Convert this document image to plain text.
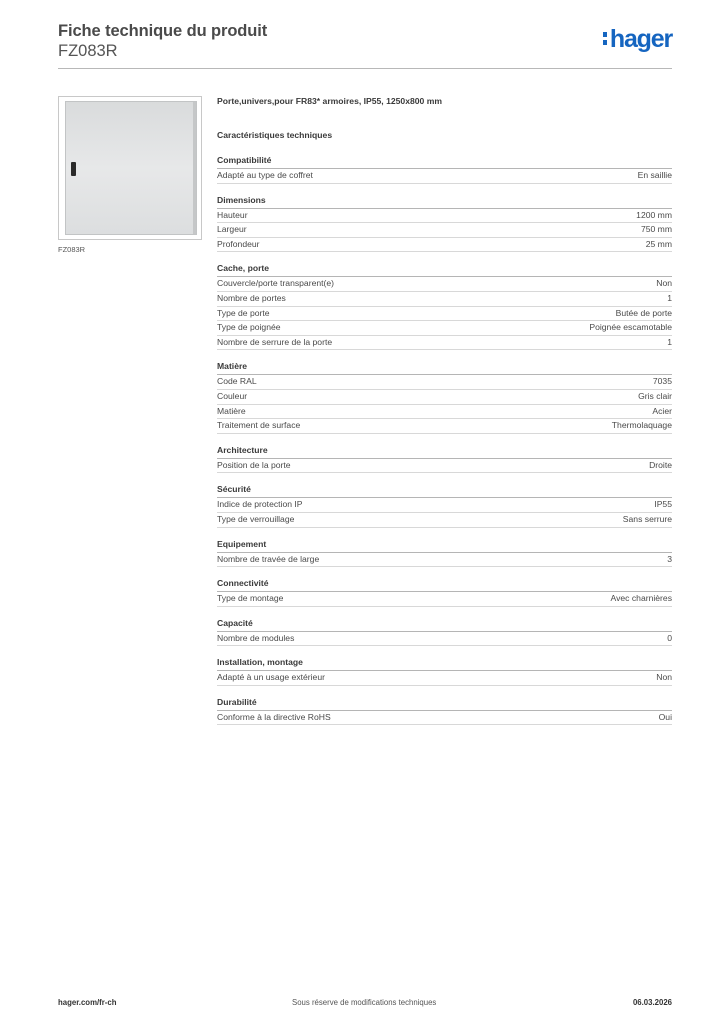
Fiche technique du produit
FZ083R	hager
FZ083R
Porte,univers,pour FR83* armoires, IP55, 1250x800 mm
Caractéristiques techniques
Compatibilité
Adapté au type de coffret	En saillie
Dimensions
Hauteur	1200 mm
Largeur	750 mm
Profondeur	25 mm
Cache, porte
Couvercle/porte transparent(e)	Non
Nombre de portes	1
Type de porte	Butée de porte
Type de poignée	Poignée escamotable
Nombre de serrure de la porte	1
Matière
Code RAL	7035
Couleur	Gris clair
Matière	Acier
Traitement de surface	Thermolaquage
Architecture
Position de la porte	Droite
Sécurité
Indice de protection IP	IP55
Type de verrouillage	Sans serrure
Equipement
Nombre de travée de large	3
Connectivité
Type de montage	Avec charnières
Capacité
Nombre de modules	0
Installation, montage
Adapté à un usage extérieur	Non
Durabilité
Conforme à la directive RoHS	Oui
hager.com/fr-ch	Sous réserve de modifications techniques	06.03.2026
